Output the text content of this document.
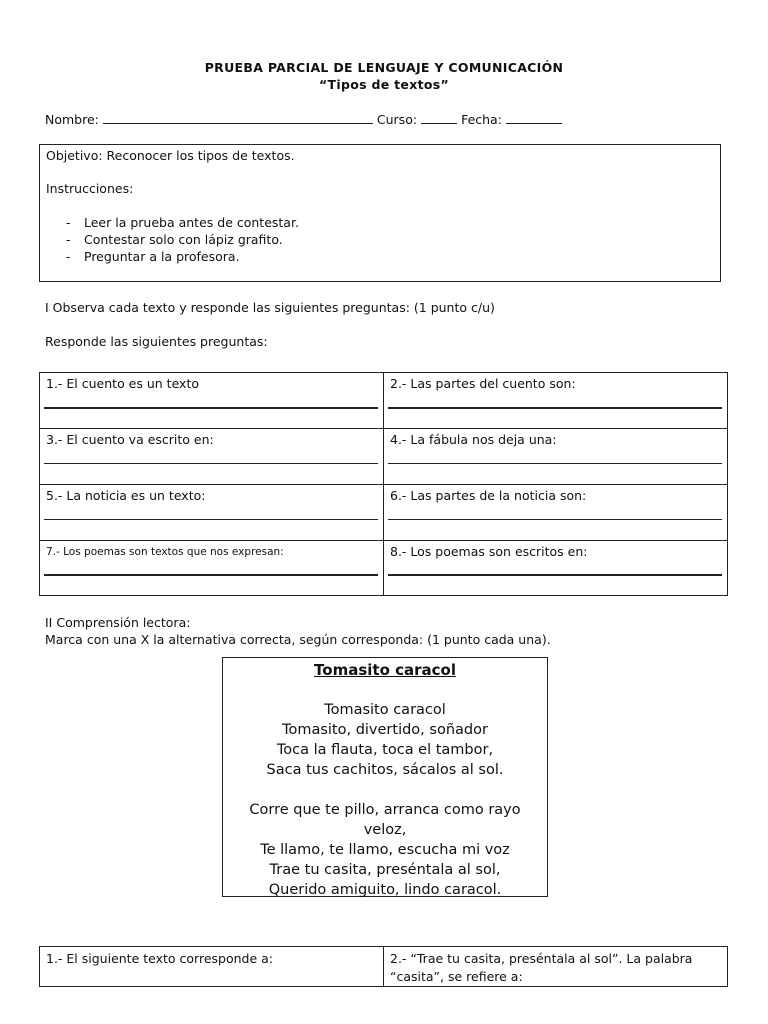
PRUEBA PARCIAL DE LENGUAJE Y COMUNICACIÓN
“Tipos de textos”
Nombre:	Curso:	Fecha:
Objetivo: Reconocer los tipos de textos.
Instrucciones:
- Leer la prueba antes de contestar.
- Contestar solo con lápiz grafito.
- Preguntar a la profesora.
I Observa cada texto y responde las siguientes preguntas: (1 punto c/u)
Responde las siguientes preguntas:
1.- El cuento es un texto	2.- Las partes del cuento son:

3.- El cuento va escrito en:	4.- La fábula nos deja una:

5.- La noticia es un texto:	6.- Las partes de la noticia son:

7.- Los poemas son textos que nos expresan:	8.- Los poemas son escritos en:
II Comprensión lectora:
Marca con una X la alternativa correcta, según corresponda: (1 punto cada una).

Tomasito caracol

Tomasito caracol

Tomasito, divertido, soñador

Toca la flauta, toca el tambor,

Saca tus cachitos, sácalos al sol.

Corre que te pillo, arranca como rayo

veloz,

Te llamo, te llamo, escucha mi voz

Trae tu casita, preséntala al sol,

Querido amiguito, lindo caracol.

1.- El siguiente texto corresponde a:	2.- “Trae tu casita, preséntala al sol”. La palabra “casita”, se refiere a:
